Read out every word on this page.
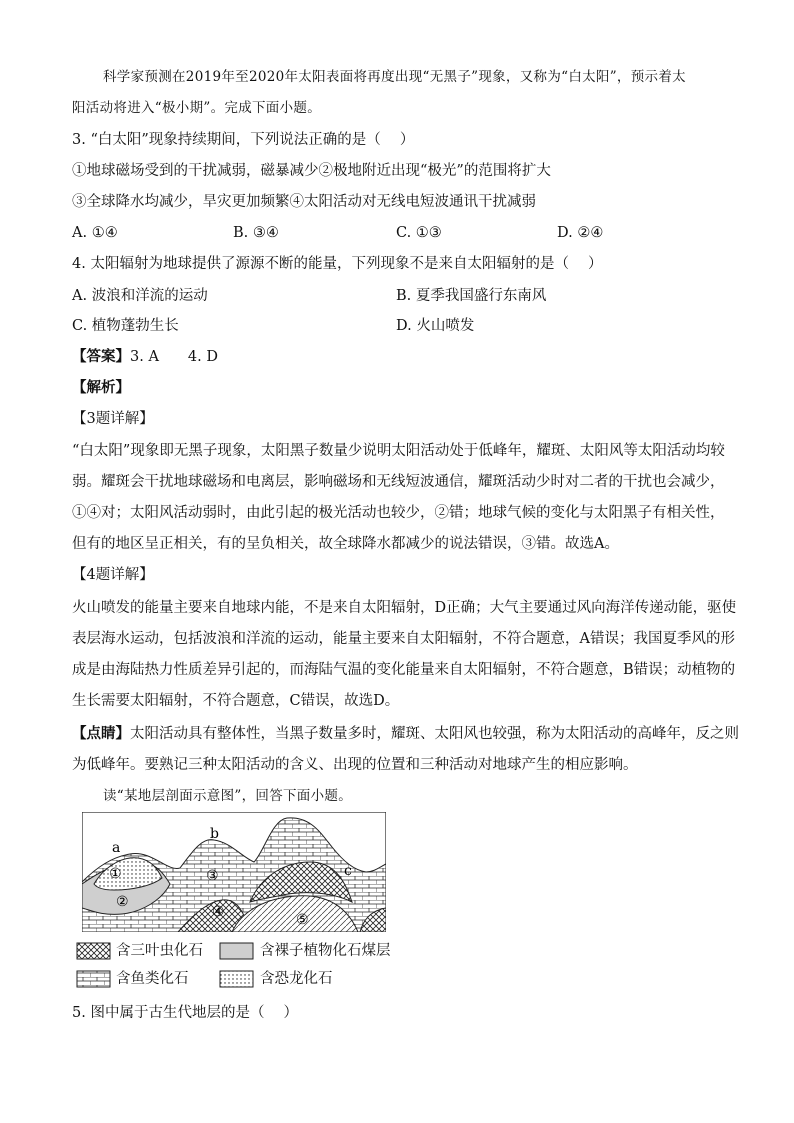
科学家预测在2019年至2020年太阳表面将再度出现“无黑子”现象，又称为“白太阳”，预示着太
阳活动将进入“极小期”。完成下面小题。
3. “白太阳”现象持续期间，下列说法正确的是（　 ）
①地球磁场受到的干扰减弱，磁暴减少②极地附近出现“极光”的范围将扩大
③全球降水均减少，旱灾更加频繁④太阳活动对无线电短波通讯干扰减弱
A. ①④	B. ③④	C. ①③	D. ②④
4. 太阳辐射为地球提供了源源不断的能量，下列现象不是来自太阳辐射的是（　 ）
A. 波浪和洋流的运动	B. 夏季我国盛行东南风
C. 植物蓬勃生长	D. 火山喷发
【答案】3. A　　4. D
【解析】
【3题详解】
“白太阳”现象即无黑子现象，太阳黑子数量少说明太阳活动处于低峰年，耀斑、太阳风等太阳活动均较
弱。耀斑会干扰地球磁场和电离层，影响磁场和无线短波通信，耀斑活动少时对二者的干扰也会减少，
①④对；太阳风活动弱时，由此引起的极光活动也较少，②错；地球气候的变化与太阳黑子有相关性，
但有的地区呈正相关，有的呈负相关，故全球降水都减少的说法错误，③错。故选A。
【4题详解】
火山喷发的能量主要来自地球内能，不是来自太阳辐射，D正确；大气主要通过风向海洋传递动能，驱使
表层海水运动，包括波浪和洋流的运动，能量主要来自太阳辐射，不符合题意，A错误；我国夏季风的形
成是由海陆热力性质差异引起的，而海陆气温的变化能量来自太阳辐射，不符合题意，B错误；动植物的
生长需要太阳辐射，不符合题意，C错误，故选D。
【点睛】太阳活动具有整体性，当黑子数量多时，耀斑、太阳风也较强，称为太阳活动的高峰年，反之则
为低峰年。要熟记三种太阳活动的含义、出现的位置和三种活动对地球产生的相应影响。
读“某地层剖面示意图”，回答下面小题。
a
b
c
①
②
③
④	⑤
含三叶虫化石	含裸子植物化石煤层
含鱼类化石	含恐龙化石
5. 图中属于古生代地层的是（　 ）
